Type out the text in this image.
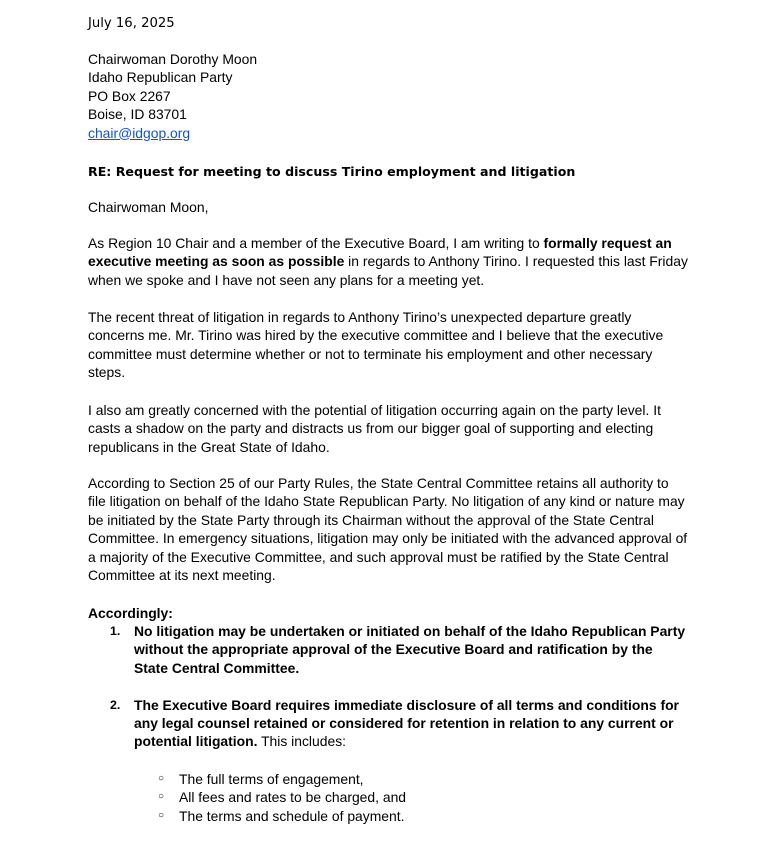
July 16, 2025

Chairwoman Dorothy Moon
Idaho Republican Party
PO Box 2267
Boise, ID 83701
chair@idgop.org

RE: Request for meeting to discuss Tirino employment and litigation

Chairwoman Moon,

As Region 10 Chair and a member of the Executive Board, I am writing to formally request an executive meeting as soon as possible in regards to Anthony Tirino. I requested this last Friday when we spoke and I have not seen any plans for a meeting yet.

The recent threat of litigation in regards to Anthony Tirino’s unexpected departure greatly concerns me. Mr. Tirino was hired by the executive committee and I believe that the executive committee must determine whether or not to terminate his employment and other necessary steps.

I also am greatly concerned with the potential of litigation occurring again on the party level. It casts a shadow on the party and distracts us from our bigger goal of supporting and electing republicans in the Great State of Idaho.

According to Section 25 of our Party Rules, the State Central Committee retains all authority to file litigation on behalf of the Idaho State Republican Party. No litigation of any kind or nature may be initiated by the State Party through its Chairman without the approval of the State Central Committee. In emergency situations, litigation may only be initiated with the advanced approval of a majority of the Executive Committee, and such approval must be ratified by the State Central Committee at its next meeting.

Accordingly:

1. No litigation may be undertaken or initiated on behalf of the Idaho Republican Party without the appropriate approval of the Executive Board and ratification by the State Central Committee.
2. The Executive Board requires immediate disclosure of all terms and conditions for any legal counsel retained or considered for retention in relation to any current or potential litigation. This includes:
○ The full terms of engagement,
○ All fees and rates to be charged, and
○ The terms and schedule of payment.
